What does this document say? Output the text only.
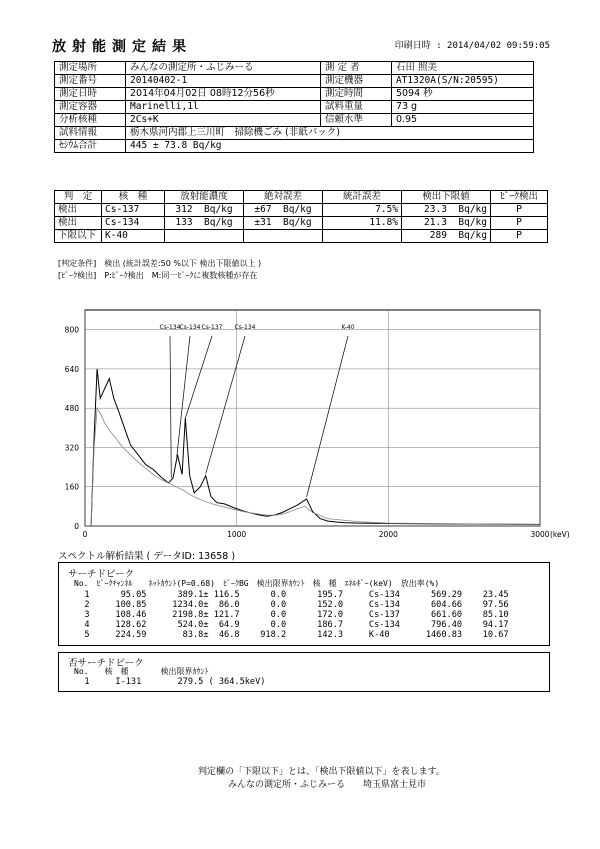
放射能測定結果	印刷日時 : 2014/04/02 09:59:05
測定場所	みんなの測定所・ふじみーる	測 定 者	石田 照美
測定番号	20140402-1	測定機器	AT1320A(S/N:20595)
測定日時	2014年04月02日 08時12分56秒	測定時間	5094 秒
測定容器	Marinelli,1l	試料重量	73 g
分析核種	2Cs+K	信頼水準	0.95
試料情報	栃木県河内郡上三川町　掃除機ごみ (非紙パック)		
ｾｼｳﾑ合計	445 ± 73.8 Bq/kg		
判　定	核　種	放射能濃度	絶対誤差	統計誤差	検出下限値	ﾋﾟｰｸ検出
検出	Cs-137	312 Bq/kg	±67 Bq/kg	7.5%	23.3 Bq/kg	P
検出	Cs-134	133 Bq/kg	±31 Bq/kg	11.8%	21.3 Bq/kg	P
下限以下	K-40				289 Bq/kg	P
[判定条件]　検出 (統計誤差:50 %以下 検出下限値以上 )
[ﾋﾟｰｸ検出]　P:ﾋﾟｰｸ検出　M:同一ﾋﾟｰｸに複数核種が存在
0
160
320
480
640
800
0	1000	2000	3000
Cs-134 Cs-134 Cs-137 Cs-134	K-40
(keV)
スペクトル解析結果 ( データID: 13658 )
サーチドピーク
No.　ﾋﾟｰｸﾁｬﾝﾈﾙ　　ﾈｯﾄｶｳﾝﾄ(P=0.68)　ﾋﾟｰｸBG　検出限界ｶｳﾝﾄ　核　種　ｴﾈﾙｷﾞｰ(keV)　放出率(%)
1      95.05      389.1± 116.5      0.0      195.7     Cs-134      569.29    23.45
2     100.85     1234.0±  86.0      0.0      152.0     Cs-134      604.66    97.56
3     108.46     2198.8± 121.7      0.0      172.0     Cs-137      661.60    85.10
4     128.62      524.0±  64.9      0.0      186.7     Cs-134      796.40    94.17
5     224.59       83.8±  46.8    918.2      142.3     K-40       1460.83    10.67
否サーチドピーク
No.　　核　種　　　　検出限界ｶｳﾝﾄ
1     I-131       279.5 ( 364.5keV)
判定欄の「下限以下」とは、「検出下限値以下」を表します。
みんなの測定所・ふじみーる　　埼玉県富士見市
